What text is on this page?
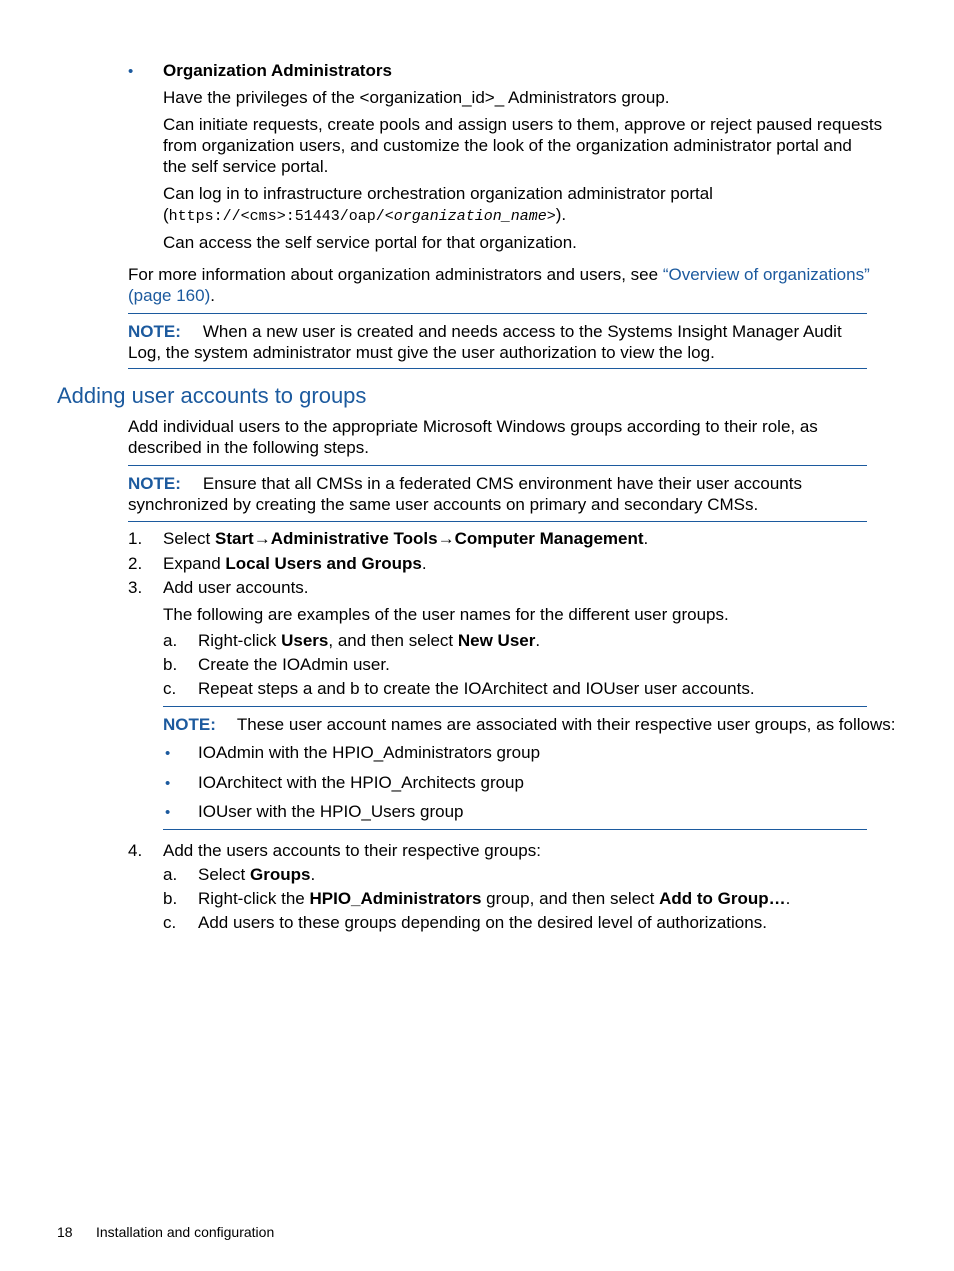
• Organization Administrators
Have the privileges of the <organization_id>_ Administrators group.
Can initiate requests, create pools and assign users to them, approve or reject paused requests
from organization users, and customize the look of the organization administrator portal and
the self service portal.
Can log in to infrastructure orchestration organization administrator portal
(https://<cms>:51443/oap/<organization_name>).
Can access the self service portal for that organization.
For more information about organization administrators and users, see “Overview of organizations”
(page 160).
NOTE: When a new user is created and needs access to the Systems Insight Manager Audit
Log, the system administrator must give the user authorization to view the log.
Adding user accounts to groups
Add individual users to the appropriate Microsoft Windows groups according to their role, as
described in the following steps.
NOTE: Ensure that all CMSs in a federated CMS environment have their user accounts
synchronized by creating the same user accounts on primary and secondary CMSs.
1. Select Start→Administrative Tools→Computer Management.
2. Expand Local Users and Groups.
3. Add user accounts.
The following are examples of the user names for the different user groups.
a. Right-click Users, and then select New User.
b. Create the IOAdmin user.
c. Repeat steps a and b to create the IOArchitect and IOUser user accounts.
NOTE: These user account names are associated with their respective user groups, as follows:
• IOAdmin with the HPIO_Administrators group
• IOArchitect with the HPIO_Architects group
• IOUser with the HPIO_Users group
4. Add the users accounts to their respective groups:
a. Select Groups.
b. Right-click the HPIO_Administrators group, and then select Add to Group….
c. Add users to these groups depending on the desired level of authorizations.
18 Installation and configuration
